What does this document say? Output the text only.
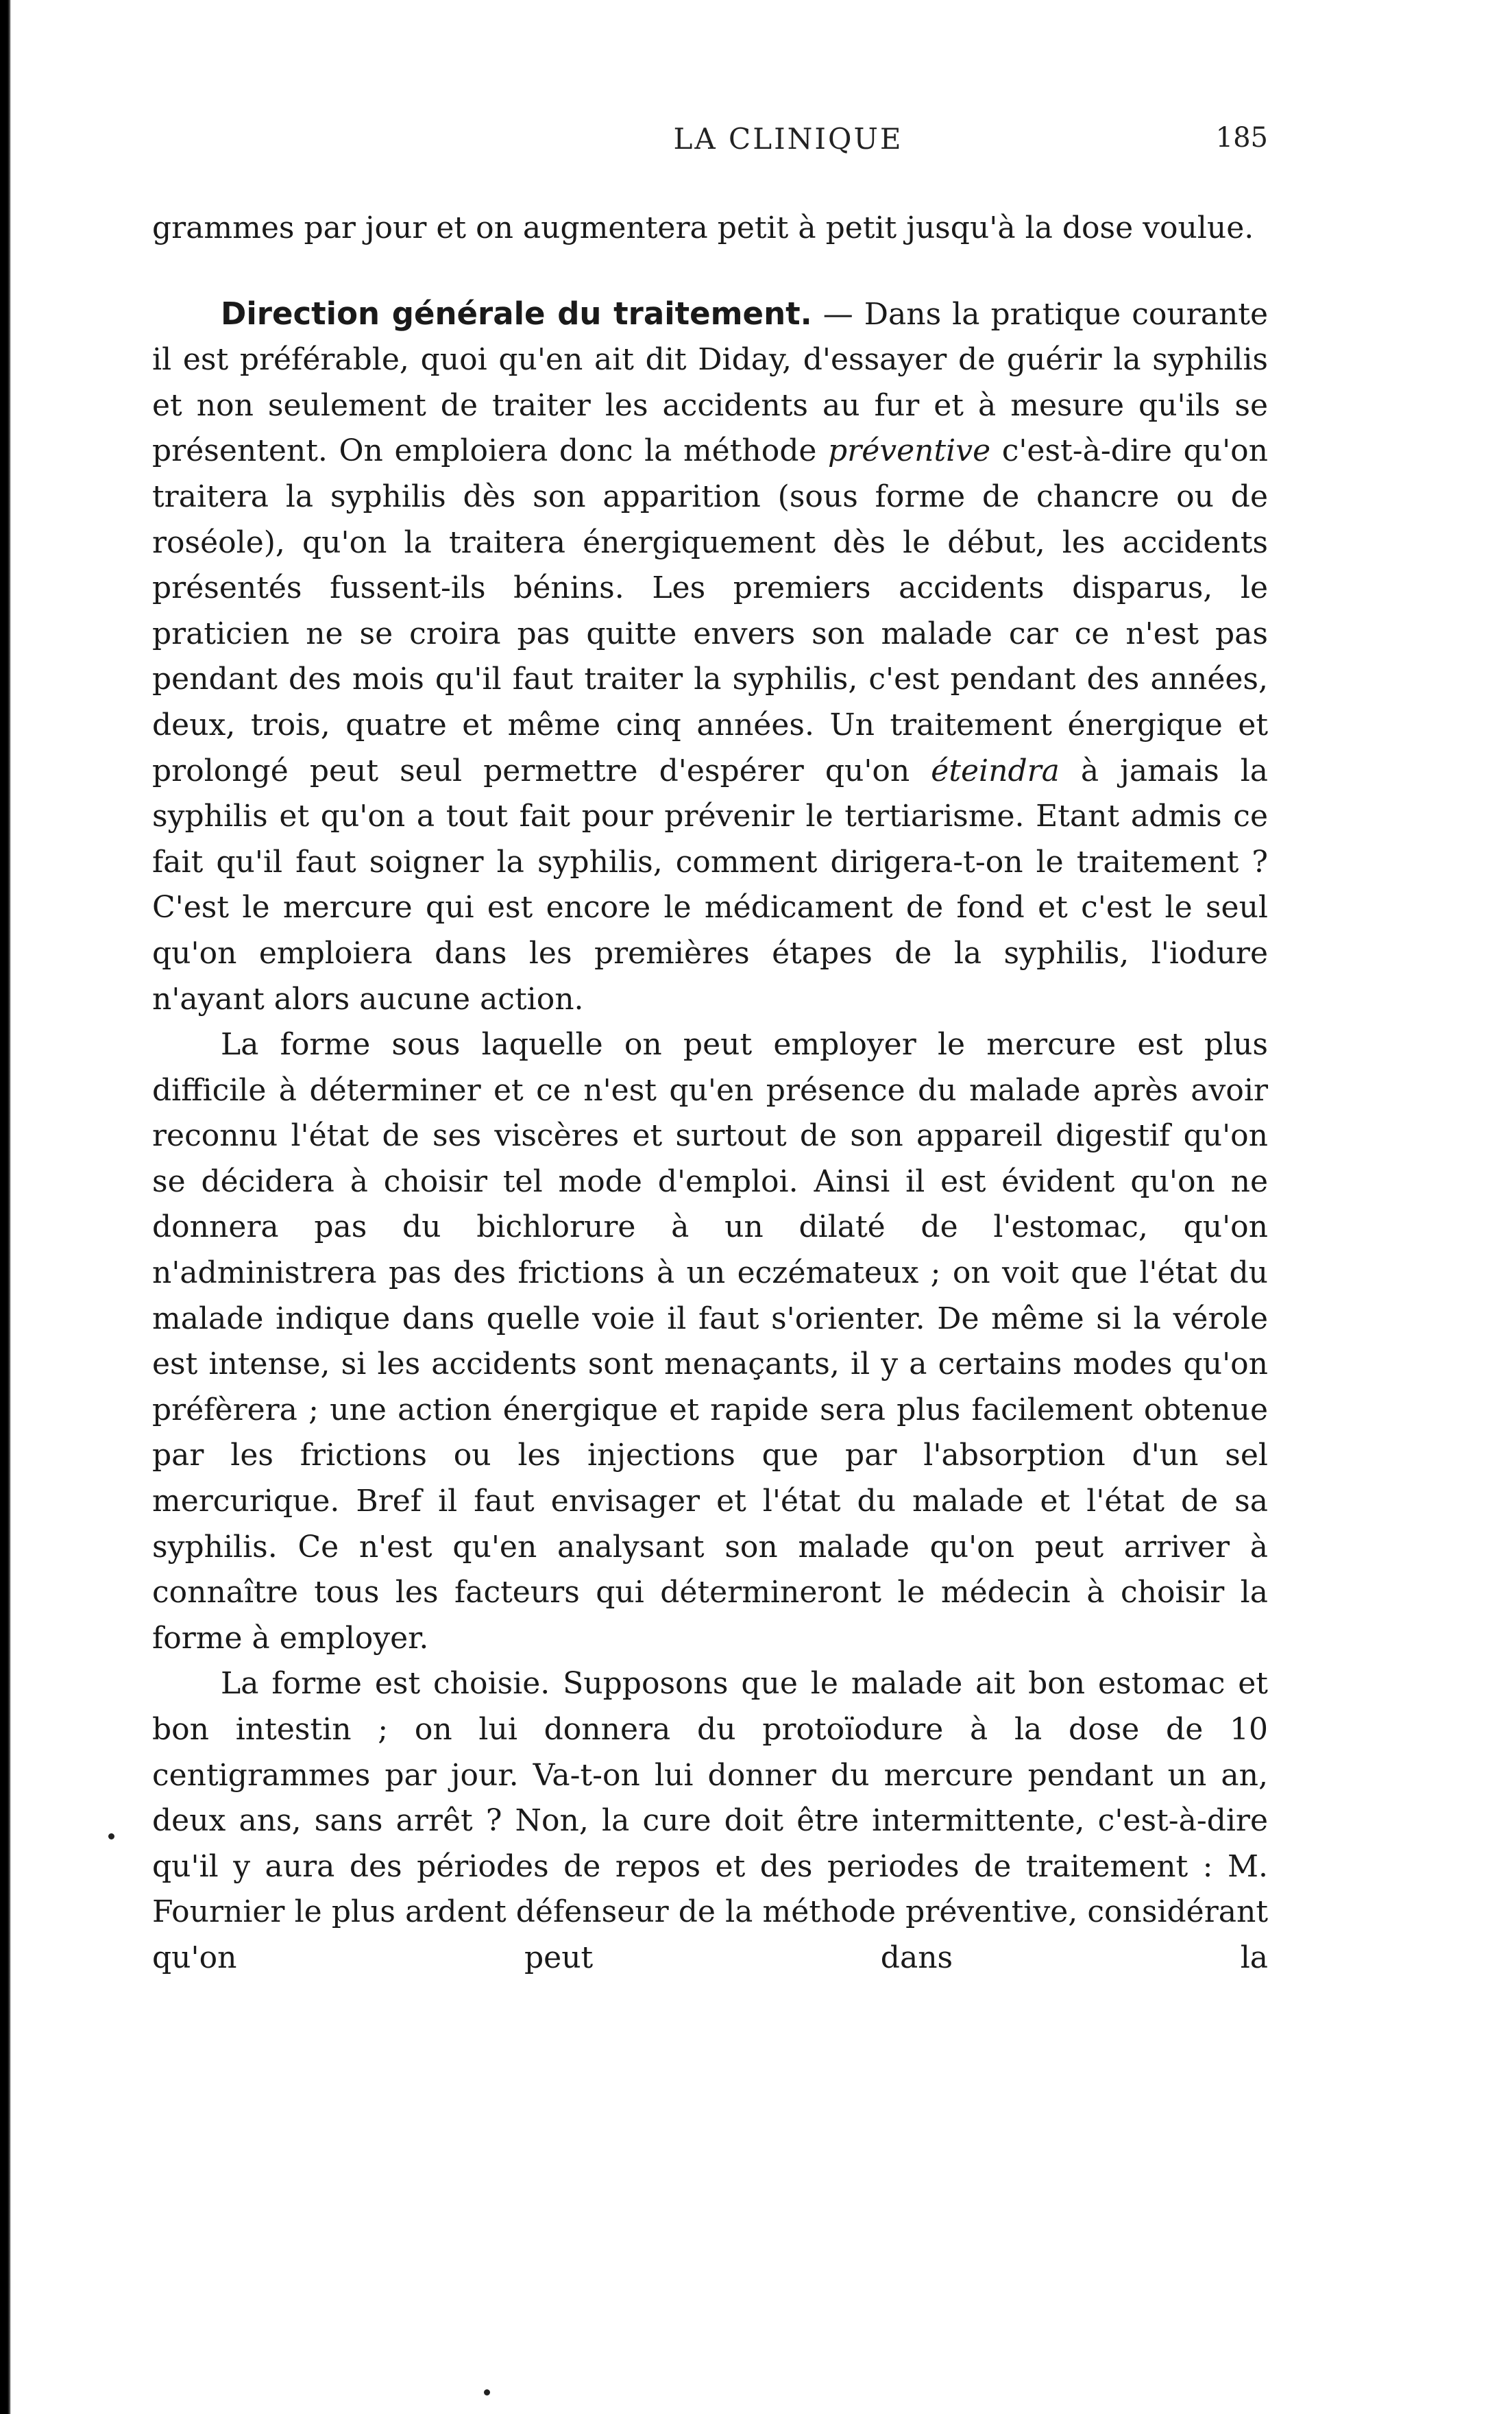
LA CLINIQUE	185

grammes par jour et on augmentera petit à petit jusqu'à la dose voulue.

Direction générale du traitement. — Dans la pratique courante il est préférable, quoi qu'en ait dit Diday, d'essayer de guérir la syphilis et non seulement de traiter les accidents au fur et à mesure qu'ils se présentent. On emploiera donc la méthode préventive c'est-à-dire qu'on traitera la syphilis dès son apparition (sous forme de chancre ou de roséole), qu'on la traitera énergiquement dès le début, les accidents présentés fussent-ils bénins. Les premiers accidents disparus, le praticien ne se croira pas quitte envers son malade car ce n'est pas pendant des mois qu'il faut traiter la syphilis, c'est pendant des années, deux, trois, quatre et même cinq années. Un traitement énergique et prolongé peut seul permettre d'espérer qu'on éteindra à jamais la syphilis et qu'on a tout fait pour prévenir le tertiarisme. Etant admis ce fait qu'il faut soigner la syphilis, comment dirigera-t-on le traitement ? C'est le mercure qui est encore le médicament de fond et c'est le seul qu'on emploiera dans les premières étapes de la syphilis, l'iodure n'ayant alors aucune action.

La forme sous laquelle on peut employer le mercure est plus difficile à déterminer et ce n'est qu'en présence du malade après avoir reconnu l'état de ses viscères et surtout de son appareil digestif qu'on se décidera à choisir tel mode d'emploi. Ainsi il est évident qu'on ne donnera pas du bichlorure à un dilaté de l'estomac, qu'on n'administrera pas des frictions à un eczémateux ; on voit que l'état du malade indique dans quelle voie il faut s'orienter. De même si la vérole est intense, si les accidents sont menaçants, il y a certains modes qu'on préfèrera ; une action énergique et rapide sera plus facilement obtenue par les frictions ou les injections que par l'absorption d'un sel mercurique. Bref il faut envisager et l'état du malade et l'état de sa syphilis. Ce n'est qu'en analysant son malade qu'on peut arriver à connaître tous les facteurs qui détermineront le médecin à choisir la forme à employer.

La forme est choisie. Supposons que le malade ait bon estomac et bon intestin ; on lui donnera du protoïodure à la dose de 10 centigrammes par jour. Va-t-on lui donner du mercure pendant un an, deux ans, sans arrêt ? Non, la cure doit être intermittente, c'est-à-dire qu'il y aura des périodes de repos et des periodes de traitement : M. Fournier le plus ardent défenseur de la méthode préventive, considérant qu'on peut dans la
